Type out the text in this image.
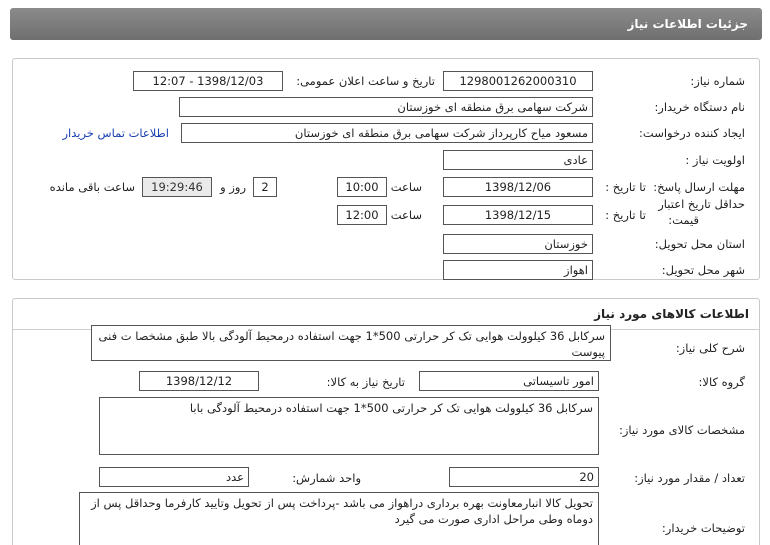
جزئیات اطلاعات نیاز
شماره نیاز:
1298001262000310
تاریخ و ساعت اعلان عمومی:
1398/12/03 - 12:07
نام دستگاه خریدار:
شرکت سهامی برق منطقه ای خوزستان
ایجاد کننده درخواست:
مسعود میاح کارپرداز شرکت سهامی برق منطقه ای خوزستان
اطلاعات تماس خریدار
اولویت نیاز :
عادی
مهلت ارسال پاسخ:
تا تاریخ :
1398/12/06
ساعت
10:00
2
روز و
19:29:46
ساعت باقی مانده
حداقل تاریخ اعتبار
قیمت:
تا تاریخ :
1398/12/15
ساعت
12:00
استان محل تحویل:
خوزستان
شهر محل تحویل:
اهواز
اطلاعات کالاهای مورد نیاز
شرح کلی نیاز:
سرکابل 36 کیلوولت هوایی تک کر حرارتی 500*1 جهت استفاده درمحیط آلودگی بالا طبق مشخصا ت فنی پیوست
گروه کالا:
امور تاسیساتی
تاریخ نیاز به کالا:
1398/12/12
مشخصات کالای مورد نیاز:
سرکابل 36 کیلوولت هوایی تک کر حرارتی 500*1 جهت استفاده درمحیط آلودگی بابا
تعداد / مقدار مورد نیاز:
20
واحد شمارش:
عدد
توضیحات خریدار:
تحویل کالا انبارمعاونت بهره برداری دراهواز می باشد -پرداخت پس از تحویل وتایید کارفرما وحداقل پس از دوماه وطی مراحل اداری صورت می گیرد
